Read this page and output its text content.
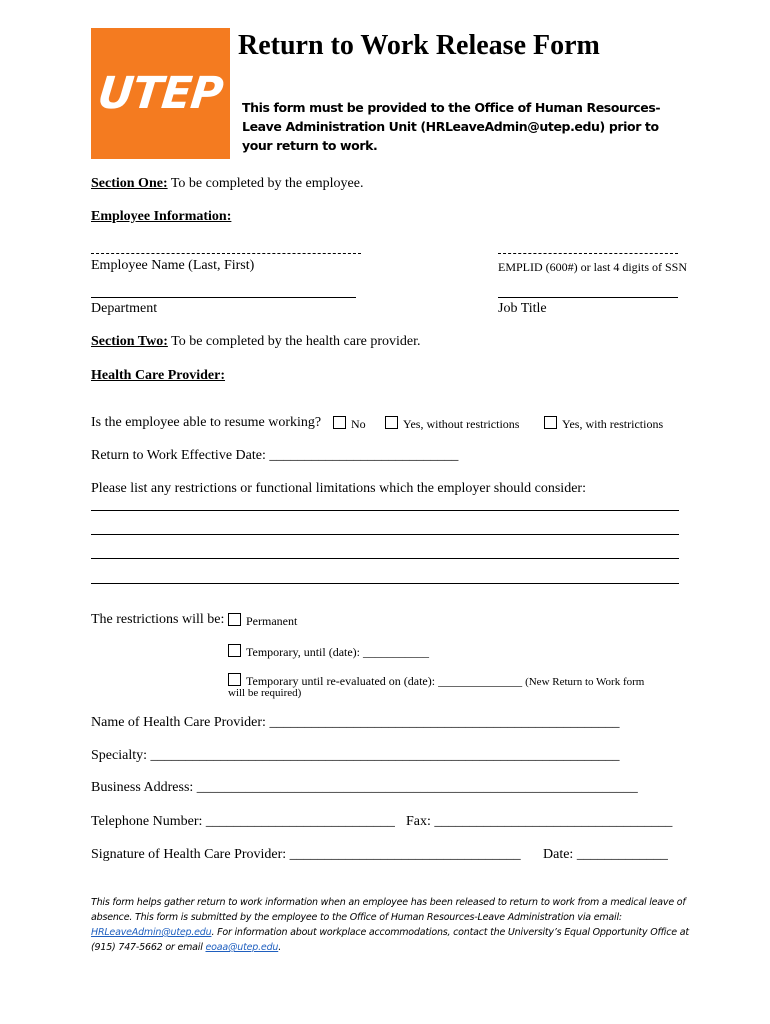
UTEP
Return to Work Release Form
This form must be provided to the Office of Human Resources-Leave Administration Unit (HRLeaveAdmin@utep.edu) prior to your return to work.
Section One: To be completed by the employee.
Employee Information:
Employee Name (Last, First)	EMPLID (600#) or last 4 digits of SSN
Department	Job Title
Section Two: To be completed by the health care provider.
Health Care Provider:
Is the employee able to resume working?	No	Yes, without restrictions	Yes, with restrictions
Return to Work Effective Date: ___________________________
Please list any restrictions or functional limitations which the employer should consider:
The restrictions will be:	Permanent
Temporary, until (date): ___________
Temporary until re-evaluated on (date): ______________ (New Return to Work form
will be required)
Name of Health Care Provider: __________________________________________________
Specialty: ___________________________________________________________________
Business Address: _______________________________________________________________
Telephone Number: ___________________________ Fax: __________________________________
Signature of Health Care Provider: _________________________________ Date: _____________
This form helps gather return to work information when an employee has been released to return to work from a medical leave of absence. This form is submitted by the employee to the Office of Human Resources-Leave Administration via email: HRLeaveAdmin@utep.edu. For information about workplace accommodations, contact the University’s Equal Opportunity Office at (915) 747-5662 or email eoaa@utep.edu.
